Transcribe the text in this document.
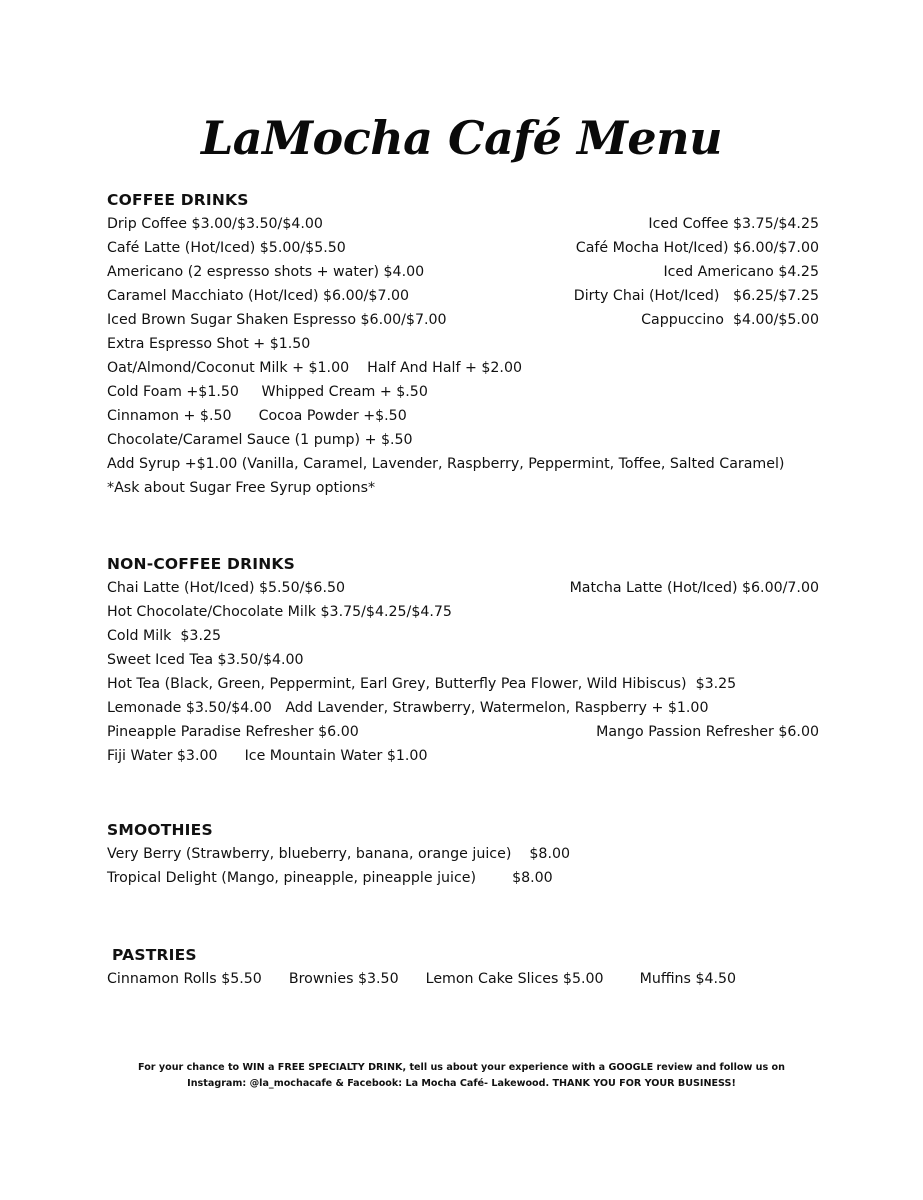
LaMocha Café Menu
COFFEE DRINKS
Drip Coffee $3.00/$3.50/$4.00	Iced Coffee $3.75/$4.25
Café Latte (Hot/Iced) $5.00/$5.50	Café Mocha Hot/Iced) $6.00/$7.00
Americano (2 espresso shots + water) $4.00	Iced Americano $4.25
Caramel Macchiato (Hot/Iced) $6.00/$7.00	Dirty Chai (Hot/Iced)   $6.25/$7.25
Iced Brown Sugar Shaken Espresso $6.00/$7.00	Cappuccino  $4.00/$5.00
Extra Espresso Shot + $1.50
Oat/Almond/Coconut Milk + $1.00    Half And Half + $2.00
Cold Foam +$1.50     Whipped Cream + $.50
Cinnamon + $.50      Cocoa Powder +$.50
Chocolate/Caramel Sauce (1 pump) + $.50
Add Syrup +$1.00 (Vanilla, Caramel, Lavender, Raspberry, Peppermint, Toffee, Salted Caramel)
*Ask about Sugar Free Syrup options*
NON-COFFEE DRINKS
Chai Latte (Hot/Iced) $5.50/$6.50	Matcha Latte (Hot/Iced) $6.00/7.00
Hot Chocolate/Chocolate Milk $3.75/$4.25/$4.75
Cold Milk  $3.25
Sweet Iced Tea $3.50/$4.00
Hot Tea (Black, Green, Peppermint, Earl Grey, Butterfly Pea Flower, Wild Hibiscus)  $3.25
Lemonade $3.50/$4.00   Add Lavender, Strawberry, Watermelon, Raspberry + $1.00
Pineapple Paradise Refresher $6.00	Mango Passion Refresher $6.00
Fiji Water $3.00      Ice Mountain Water $1.00
SMOOTHIES
Very Berry (Strawberry, blueberry, banana, orange juice)    $8.00
Tropical Delight (Mango, pineapple, pineapple juice)        $8.00
PASTRIES
Cinnamon Rolls $5.50      Brownies $3.50      Lemon Cake Slices $5.00        Muffins $4.50
For your chance to WIN a FREE SPECIALTY DRINK, tell us about your experience with a GOOGLE review and follow us on
Instagram: @la_mochacafe & Facebook: La Mocha Café- Lakewood. THANK YOU FOR YOUR BUSINESS!
